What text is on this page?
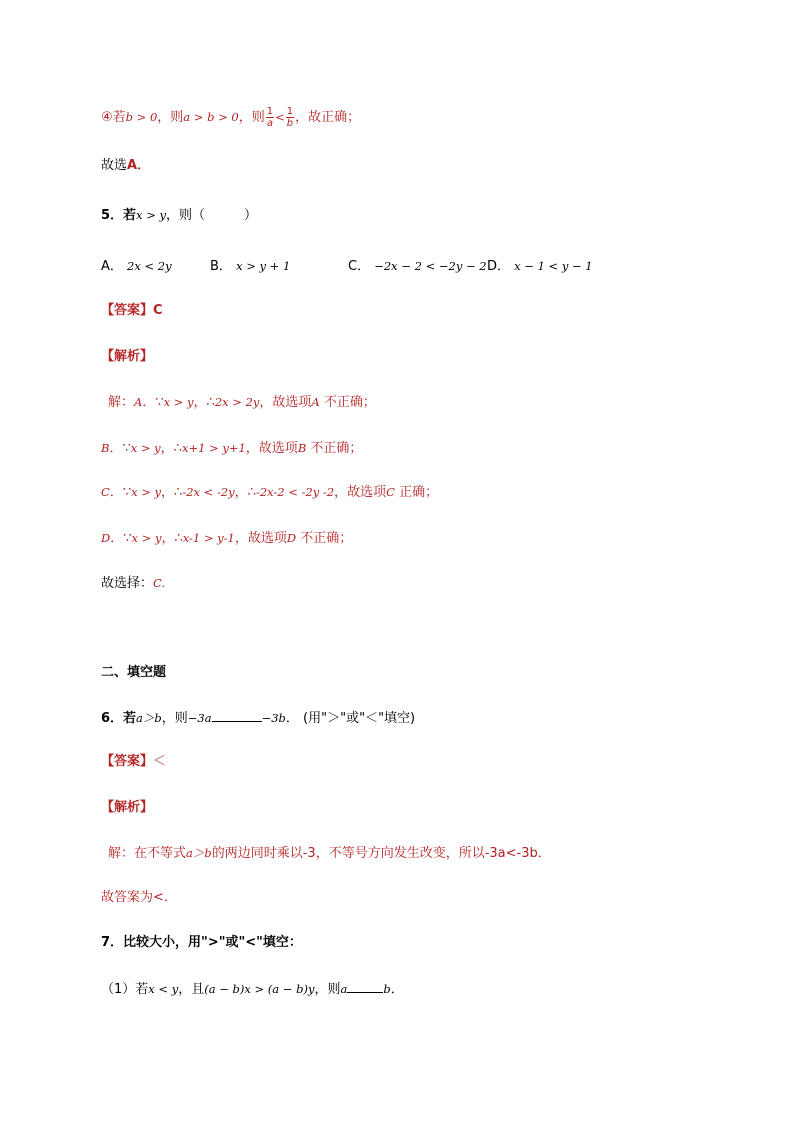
④若b > 0，则a > b > 0，则 $\frac{1}{a} < \frac{1}{b}$ ，故正确；
故选A．
5．若x > y，则（　　　）
A． 2x < 2y	B． x > y + 1	C． −2x − 2 < −2y − 2 D． x − 1 < y − 1
【答案】C
【解析】
解：A．∵x > y，∴2x > 2y，故选项A 不正确；
B．∵x > y，∴x+1 > y+1，故选项B 不正确；
C．∵x > y，∴-2x < -2y，∴-2x-2 < -2y -2，故选项C 正确；
D．∵x > y，∴x-1 > y-1，故选项D 不正确；
故选择：C.
二、填空题
6．若a＞b，则−3a	−3b． (用"＞"或"＜"填空)
【答案】＜
【解析】
解：在不等式a＞b的两边同时乘以-3，不等号方向发生改变，所以-3a<-3b．
故答案为<．
7．比较大小，用">"或"<"填空：
（1）若x < y，且(a − b)x > (a − b)y，则a	b．
